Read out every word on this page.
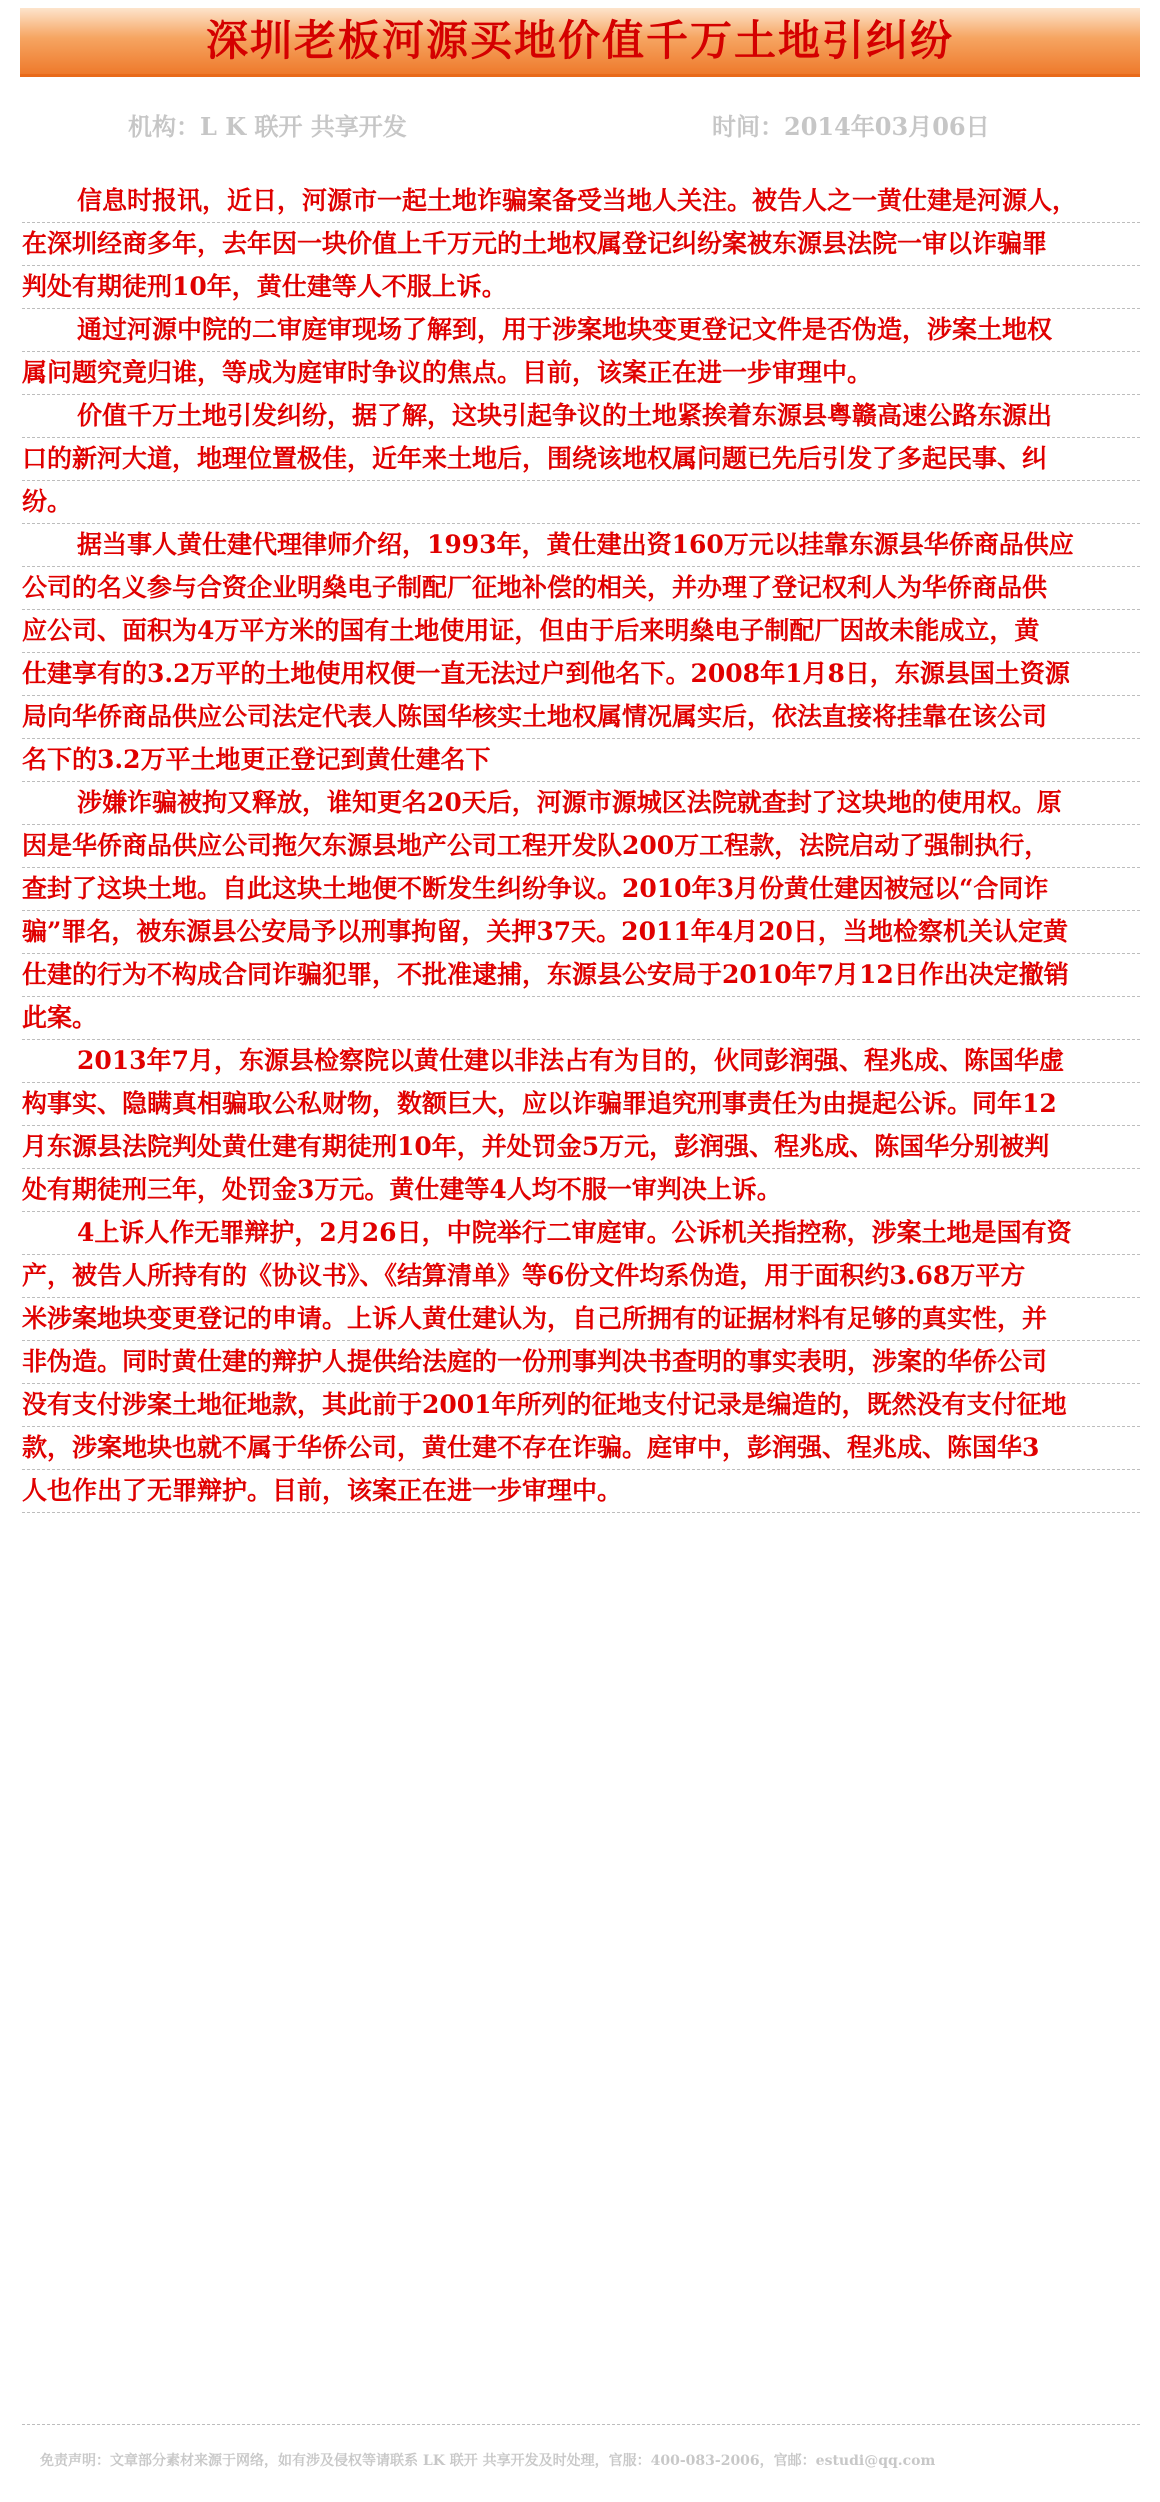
深圳老板河源买地价值千万土地引纠纷
机构：L K 联开 共享开发	时间：2014年03月06日
信息时报讯，近日，河源市一起土地诈骗案备受当地人关注。被告人之一黄仕建是河源人，
在深圳经商多年，去年因一块价值上千万元的土地权属登记纠纷案被东源县法院一审以诈骗罪
判处有期徒刑10年，黄仕建等人不服上诉。
通过河源中院的二审庭审现场了解到，用于涉案地块变更登记文件是否伪造，涉案土地权
属问题究竟归谁，等成为庭审时争议的焦点。目前，该案正在进一步审理中。
价值千万土地引发纠纷，据了解，这块引起争议的土地紧挨着东源县粤赣高速公路东源出
口的新河大道，地理位置极佳，近年来土地后，围绕该地权属问题已先后引发了多起民事、纠
纷。
据当事人黄仕建代理律师介绍，1993年，黄仕建出资160万元以挂靠东源县华侨商品供应
公司的名义参与合资企业明燊电子制配厂征地补偿的相关，并办理了登记权利人为华侨商品供
应公司、面积为4万平方米的国有土地使用证，但由于后来明燊电子制配厂因故未能成立，黄
仕建享有的3.2万平的土地使用权便一直无法过户到他名下。2008年1月8日，东源县国土资源
局向华侨商品供应公司法定代表人陈国华核实土地权属情况属实后，依法直接将挂靠在该公司
名下的3.2万平土地更正登记到黄仕建名下
涉嫌诈骗被拘又释放，谁知更名20天后，河源市源城区法院就查封了这块地的使用权。原
因是华侨商品供应公司拖欠东源县地产公司工程开发队200万工程款，法院启动了强制执行，
查封了这块土地。自此这块土地便不断发生纠纷争议。2010年3月份黄仕建因被冠以“合同诈
骗”罪名，被东源县公安局予以刑事拘留，关押37天。2011年4月20日，当地检察机关认定黄
仕建的行为不构成合同诈骗犯罪，不批准逮捕，东源县公安局于2010年7月12日作出决定撤销
此案。
2013年7月，东源县检察院以黄仕建以非法占有为目的，伙同彭润强、程兆成、陈国华虚
构事实、隐瞒真相骗取公私财物，数额巨大，应以诈骗罪追究刑事责任为由提起公诉。同年12
月东源县法院判处黄仕建有期徒刑10年，并处罚金5万元，彭润强、程兆成、陈国华分别被判
处有期徒刑三年，处罚金3万元。黄仕建等4人均不服一审判决上诉。
4上诉人作无罪辩护，2月26日，中院举行二审庭审。公诉机关指控称，涉案土地是国有资
产，被告人所持有的《协议书》、《结算清单》等6份文件均系伪造，用于面积约3.68万平方
米涉案地块变更登记的申请。上诉人黄仕建认为，自己所拥有的证据材料有足够的真实性，并
非伪造。同时黄仕建的辩护人提供给法庭的一份刑事判决书查明的事实表明，涉案的华侨公司
没有支付涉案土地征地款，其此前于2001年所列的征地支付记录是编造的，既然没有支付征地
款，涉案地块也就不属于华侨公司，黄仕建不存在诈骗。庭审中，彭润强、程兆成、陈国华3
人也作出了无罪辩护。目前，该案正在进一步审理中。
免责声明：文章部分素材来源于网络，如有涉及侵权等请联系 LK 联开 共享开发及时处理，官服：400-083-2006，官邮：estudi@qq.com
